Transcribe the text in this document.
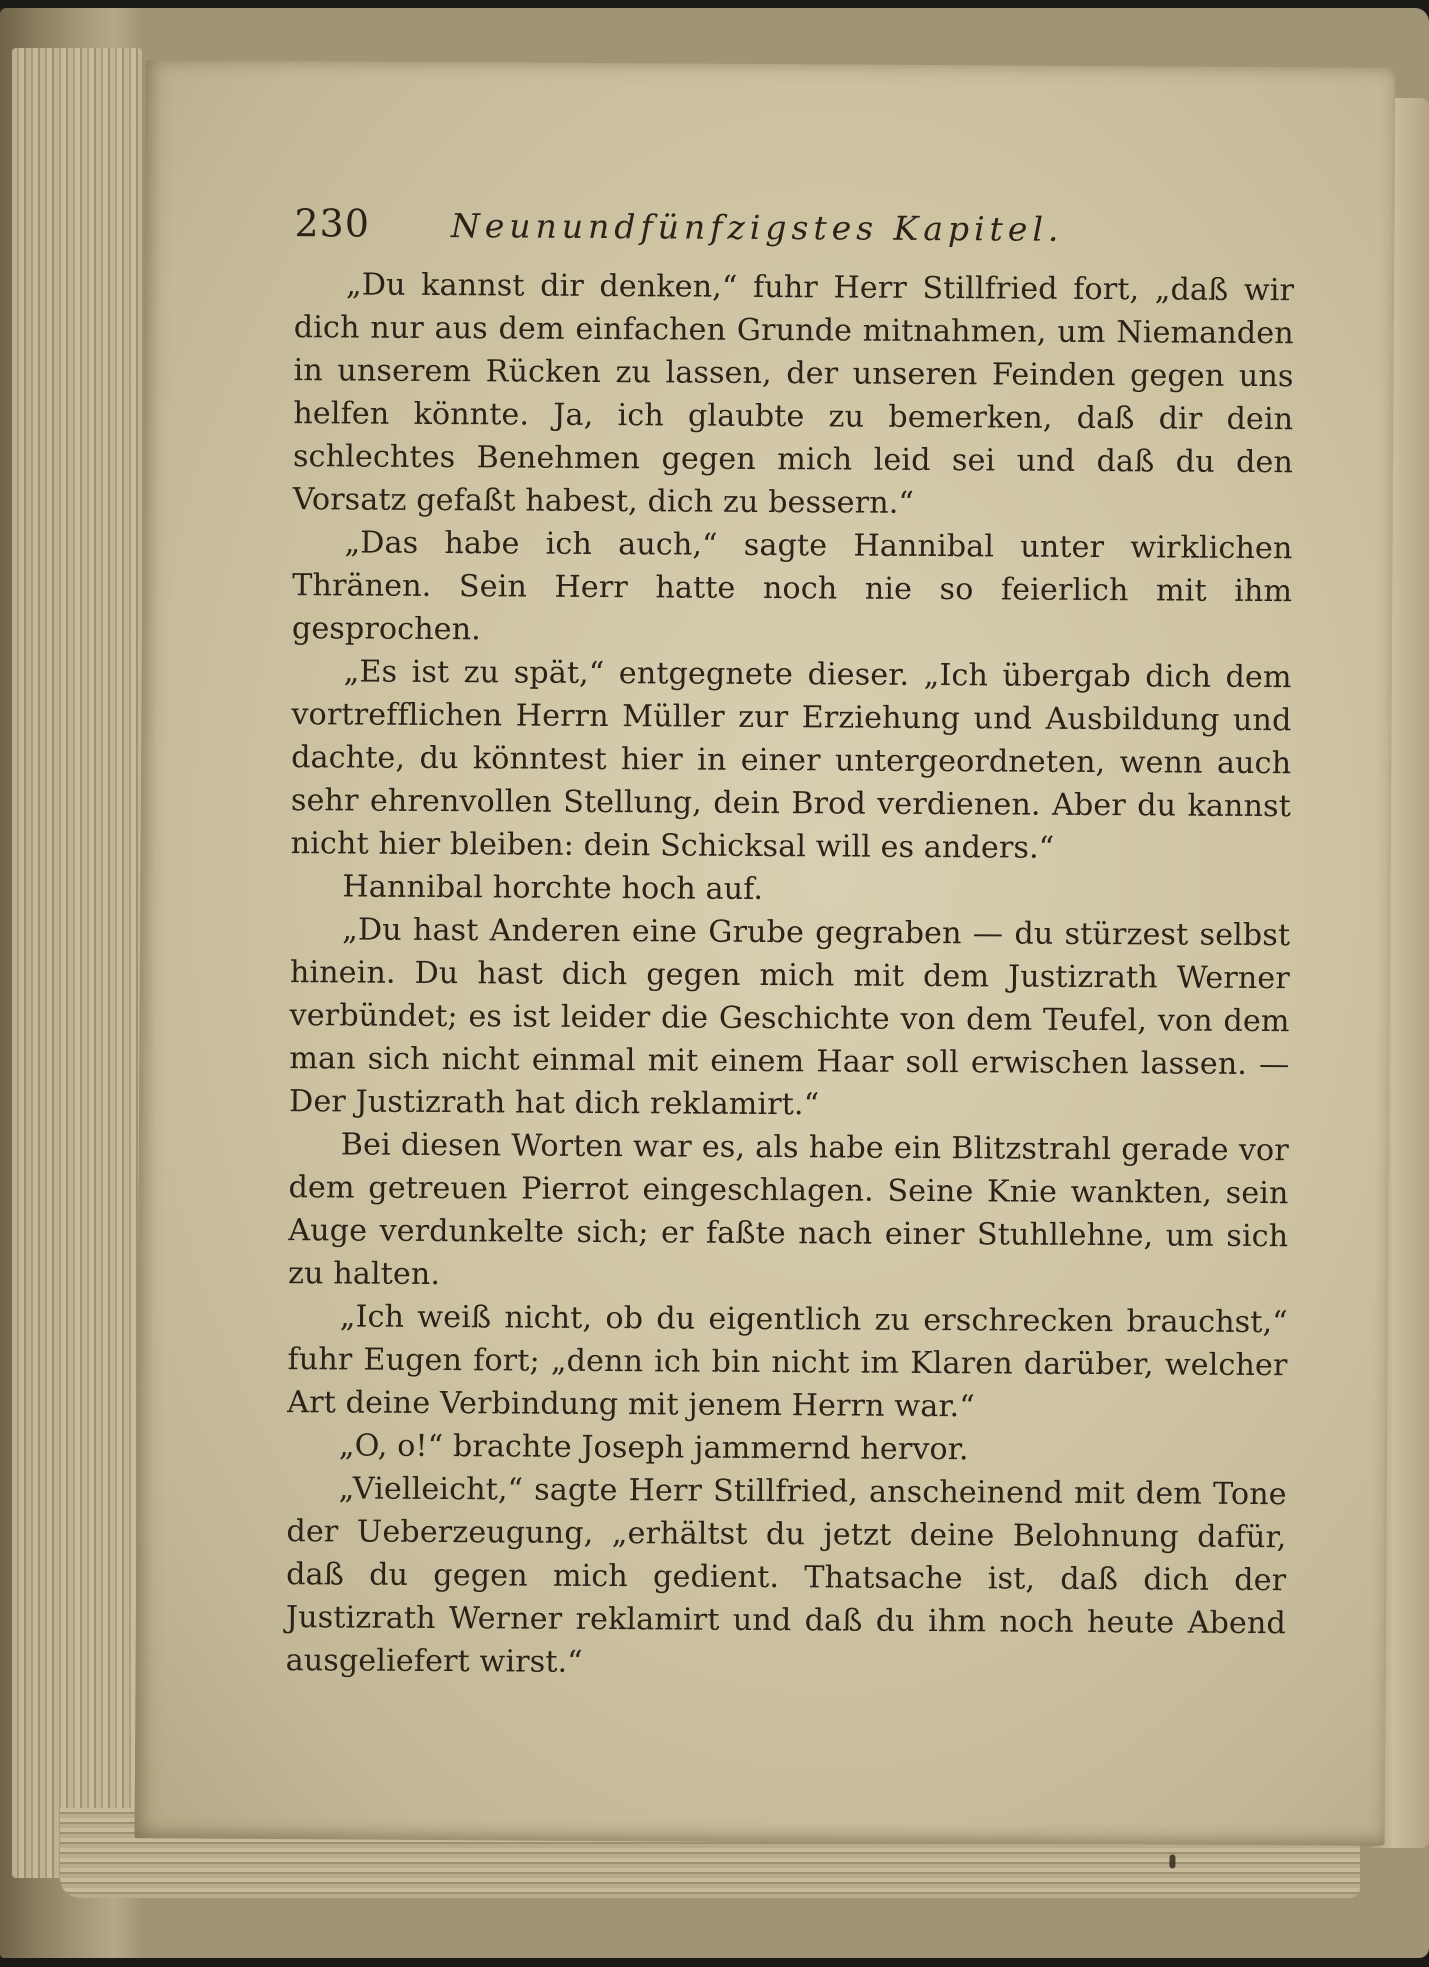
230	Neunundfünfzigstes Kapitel.

„Du kannst dir denken,“ fuhr Herr Stillfried fort, „daß wir dich nur aus dem einfachen Grunde mitnahmen, um Niemanden in unserem Rücken zu lassen, der unseren Feinden gegen uns helfen könnte. Ja, ich glaubte zu bemerken, daß dir dein schlechtes Benehmen gegen mich leid sei und daß du den Vorsatz gefaßt habest, dich zu bessern.“

„Das habe ich auch,“ sagte Hannibal unter wirklichen Thränen. Sein Herr hatte noch nie so feierlich mit ihm gesprochen.

„Es ist zu spät,“ entgegnete dieser. „Ich übergab dich dem vortrefflichen Herrn Müller zur Erziehung und Ausbildung und dachte, du könntest hier in einer untergeordneten, wenn auch sehr ehrenvollen Stellung, dein Brod verdienen. Aber du kannst nicht hier bleiben: dein Schicksal will es anders.“

Hannibal horchte hoch auf.

„Du hast Anderen eine Grube gegraben — du stürzest selbst hinein. Du hast dich gegen mich mit dem Justizrath Werner verbündet; es ist leider die Geschichte von dem Teufel, von dem man sich nicht einmal mit einem Haar soll erwischen lassen. — Der Justizrath hat dich reklamirt.“

Bei diesen Worten war es, als habe ein Blitzstrahl gerade vor dem getreuen Pierrot eingeschlagen. Seine Knie wankten, sein Auge verdunkelte sich; er faßte nach einer Stuhllehne, um sich zu halten.

„Ich weiß nicht, ob du eigentlich zu erschrecken brauchst,“ fuhr Eugen fort; „denn ich bin nicht im Klaren darüber, welcher Art deine Verbindung mit jenem Herrn war.“

„O, o!“ brachte Joseph jammernd hervor.

„Vielleicht,“ sagte Herr Stillfried, anscheinend mit dem Tone der Ueberzeugung, „erhältst du jetzt deine Belohnung dafür, daß du gegen mich gedient. Thatsache ist, daß dich der Justizrath Werner reklamirt und daß du ihm noch heute Abend ausgeliefert wirst.“
